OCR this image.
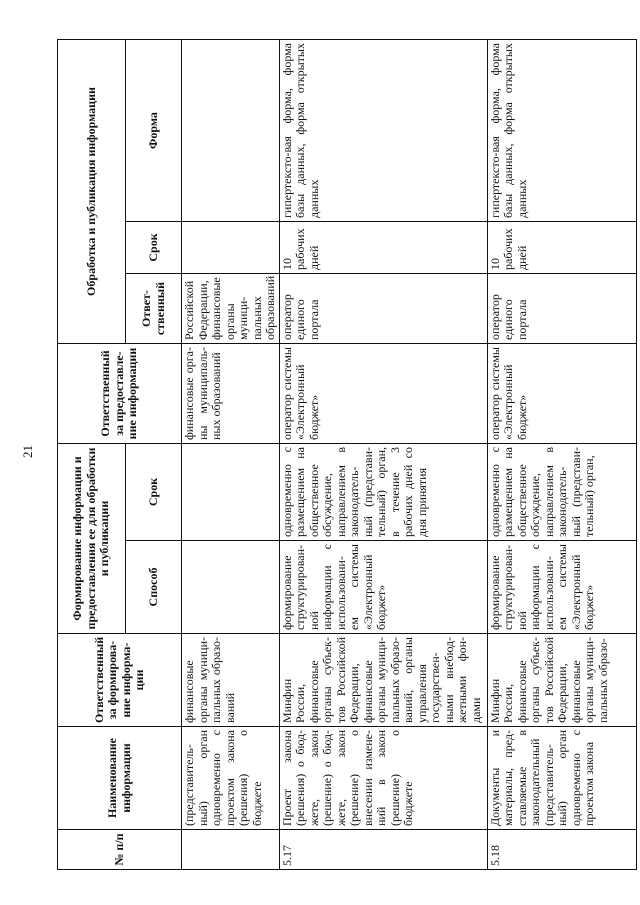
21
№ п/п	Наименование информации	Ответственный за формирова-ние информа-ции	Формирование информации и предоставления ее для обработки и публикации		Ответственный за предоставле-ние информации	Обработка и публикация информации		
			Способ	Срок		Ответ-ственный	Срок	Форма
	(представитель-ный) орган одновременно с проектом закона (решения) о бюджете	финансовые органы муници-пальных образо-ваний			финансовые орга-ны муниципаль-ных образований	Российской Федерации, финансовые органы муници-пальных образований		
5.17	Проект закона (решения) о бюд-жете, закон (решение) о бюд-жете, закон (решение) о внесении измене-ний в закон (решение) о бюджете	Минфин России, финансовые органы субъек-тов Российской Федерации, финансовые органы муници-пальных образо-ваний, органы управления государствен-ными внебюд-жетными фон-дами	формирование структурирован-ной информации с использовани-ем системы «Электронный бюджет»	одновременно с размещением на общественное обсуждение, направлением в законодатель-ный (представи-тельный) орган, в течение 3 рабочих дней со дня принятия	оператор системы «Электронный бюджет»	оператор единого портала	10 рабочих дней	гипертексто-вая форма, форма базы данных, форма открытых данных
5.18	Документы и материалы, пред-ставляемые в законодательный (представитель-ный) орган одновременно с проектом закона	Минфин России, финансовые органы субъек-тов Российской Федерации, финансовые органы муници-пальных образо-	формирование структурирован-ной информации с использовани-ем системы «Электронный бюджет»	одновременно с размещением на общественное обсуждение, направлением в законодатель-ный (представи-тельный) орган,	оператор системы «Электронный бюджет»	оператор единого портала	10 рабочих дней	гипертексто-вая форма, форма базы данных, форма открытых данных
